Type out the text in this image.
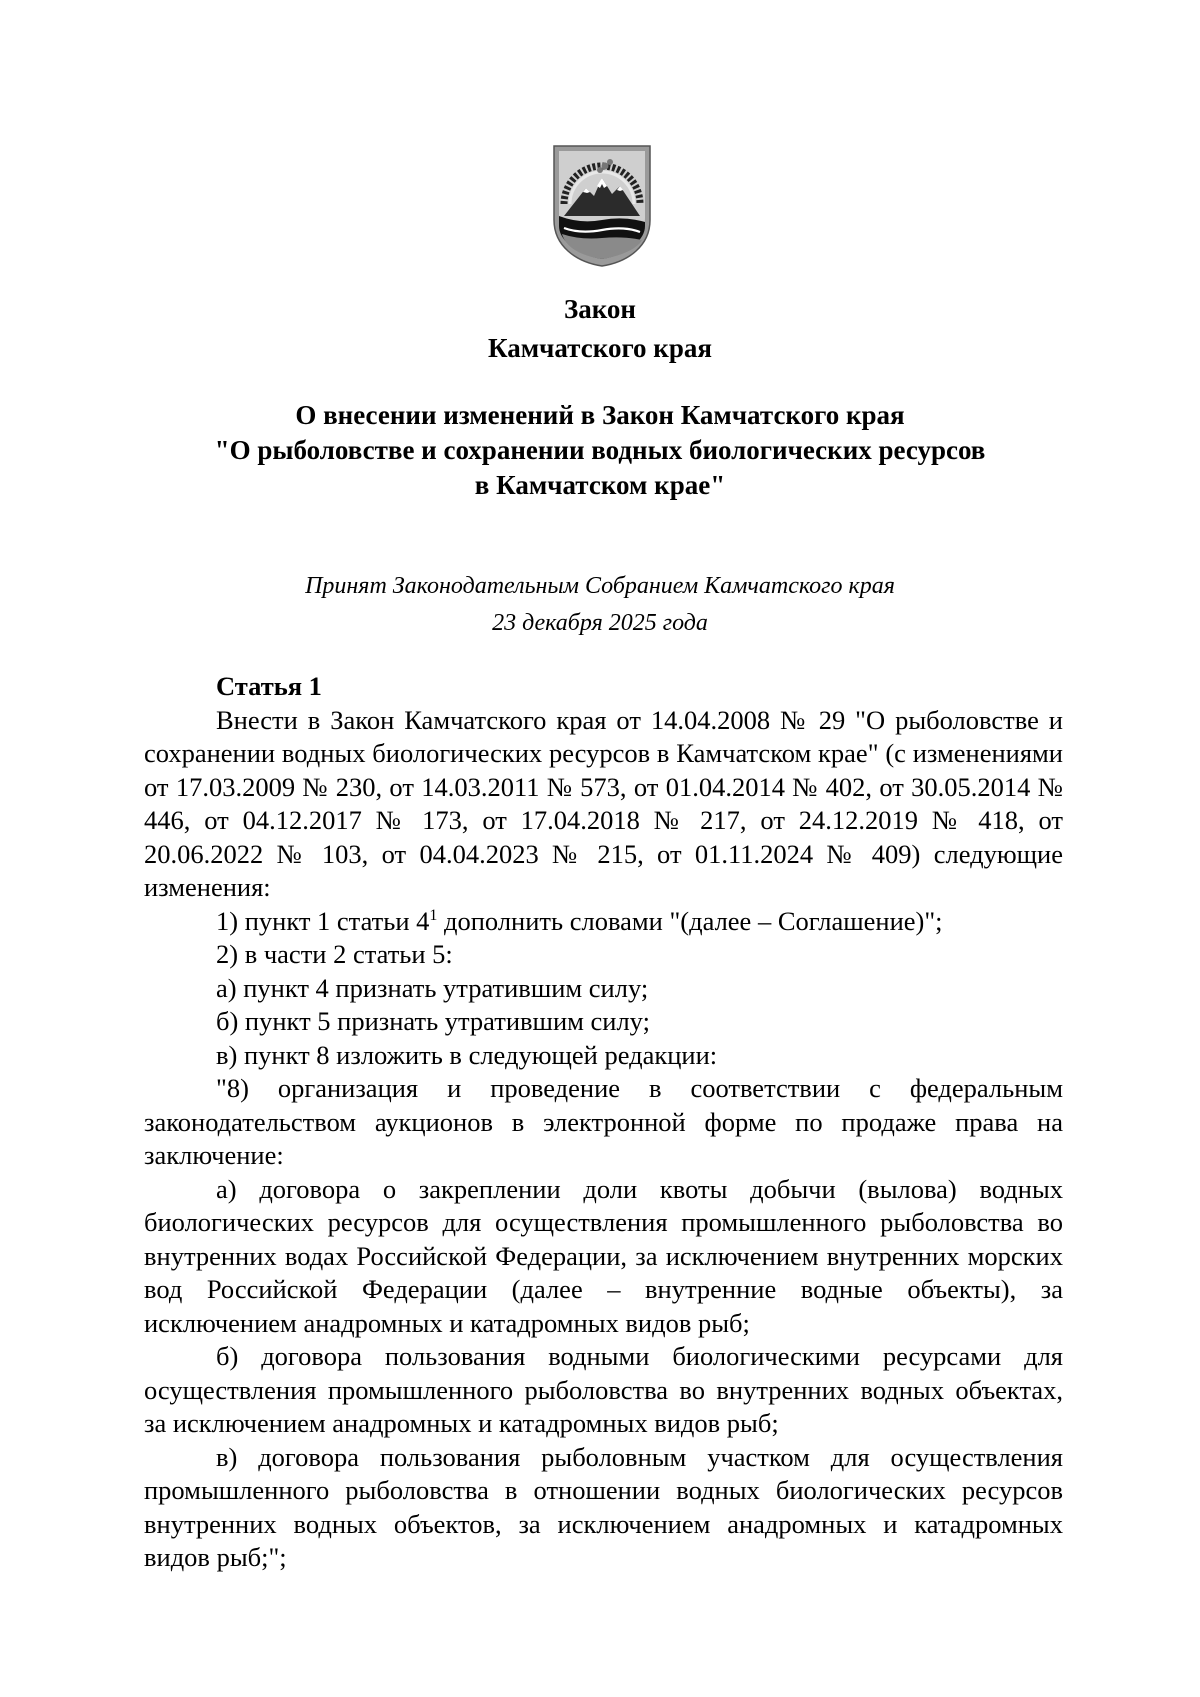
Закон
Камчатского края
О внесении изменений в Закон Камчатского края
"О рыболовстве и сохранении водных биологических ресурсов
в Камчатском крае"
Принят Законодательным Собранием Камчатского края
23 декабря 2025 года

Статья 1

Внести в Закон Камчатского края от 14.04.2008 № 29 "О рыболовстве и сохранении водных биологических ресурсов в Камчатском крае" (с изменениями от 17.03.2009 № 230, от 14.03.2011 № 573, от 01.04.2014 № 402, от 30.05.2014 № 446, от 04.12.2017 № 173, от 17.04.2018 № 217, от 24.12.2019 № 418, от 20.06.2022 № 103, от 04.04.2023 № 215, от 01.11.2024 № 409) следующие изменения:

1) пункт 1 статьи $4^1$ дополнить словами "(далее – Соглашение)";

2) в части 2 статьи 5:

а) пункт 4 признать утратившим силу;

б) пункт 5 признать утратившим силу;

в) пункт 8 изложить в следующей редакции:

"8) организация и проведение в соответствии с федеральным законодательством аукционов в электронной форме по продаже права на заключение:

а) договора о закреплении доли квоты добычи (вылова) водных биологических ресурсов для осуществления промышленного рыболовства во внутренних водах Российской Федерации, за исключением внутренних морских вод Российской Федерации (далее – внутренние водные объекты), за исключением анадромных и катадромных видов рыб;

б) договора пользования водными биологическими ресурсами для осуществления промышленного рыболовства во внутренних водных объектах, за исключением анадромных и катадромных видов рыб;

в) договора пользования рыболовным участком для осуществления промышленного рыболовства в отношении водных биологических ресурсов внутренних водных объектов, за исключением анадромных и катадромных видов рыб;";
